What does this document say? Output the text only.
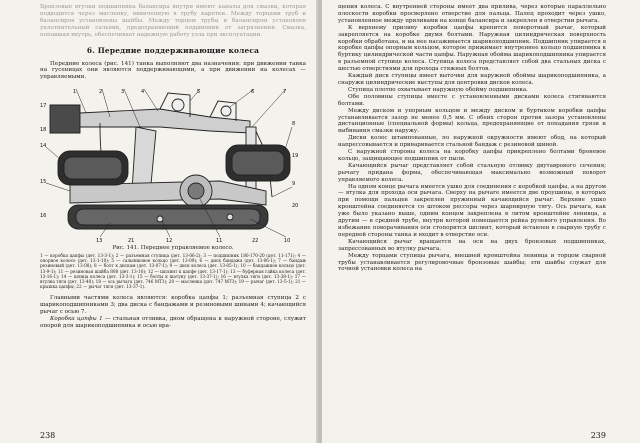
Бронзовые втулки подшипника балансира внутри имеют каналы для смазки, которая подводится через масленку, ввинченную в трубу каретки. Между торцами труб и балансиров установлены шайбы. Между торцом трубы и балансиром установлен уплотнительный сальник, предохраняющий подшипник от загрязнения. Смазка, попавшая внутрь, обеспечивает надежную работу узла при эксплуатации.

6. Передние поддерживающие колеса

Передние колеса (рис. 141) танка выполняют два назначения: при движении танка на гусеницах они являются поддерживающими, а при движении на колесах — управляемыми.

1	2	3	4	5	6	7
8
9
10
11
12
13
14
15
16
17
18
19
20
21	22
Рис. 141. Переднее управляемое колесо.

1 — коробка цапфы (дет. 13-3-1); 2 — разъемная ступица (дет. 13-06-2); 3 — подшипник 180-170-20 (дет. 11-171); 4 — опорное колесо (дет. 13-1-10); 5 — сальниковое кольцо (дет. 13-09); 6 — диск бандажа (дет. 13-06-1); 7 — бандаж резиновый (дет. 13-08); 8 — болт к дискам (дет. 13-07-1); 9 — диск колеса (дет. 13-05-1); 10 — бандажное кольцо (дет. 13-9-1); 11 — резиновая шайба 808 (дет. 13-10); 12 — шплинт к цапфе (дет. 13-17-1); 13 — буферная гайка колеса (дет. 13-16-1); 14 — шлица колеса (дет. 13-3-1); 15 — болты к шатуну (дет. 13-37-1); 16 — втулка тяги (дет. 13-38-1); 17 — втулка тяги (дет. 13-40); 18 — ось рычага (дет. 746 МТЗ); 20 — масленка (дет. 747 МТЗ); 19 — рычаг (дет. 13-5-1); 21 — крышка цапфы; 22 — рычаг тяги (дет. 13-37-1).

Главными частями колеса являются: коробка цапфы 1; разъемная ступица 2 с шарикоподшипниками 3; два диска с бандажами и резиновыми шинами 4; качающийся рычаг с осью 7.

Коробка цапфы 1 — стальная отливка, дном обращена к наружной стороне, служит опорой для шарикоподшипника и осью вра-

238

щения колеса. С внутренней стороны имеет два прилива, через которые параллельно плоскости коробки просверлено отверстие для пальца. Палец проходит через ушко, установленное между приливами на конце балансира и закреплен в отверстии рычага.

К верхнему приливу коробки цапфы крепится поворотный рычаг, который закрепляется на коробке двумя болтами. Наружная цилиндрическая поверхность коробки обработана, и на нее насаживается шарикоподшипник. Подшипник упирается в коробке цапфы опорным кольцом, которое прижимает внутреннее кольцо подшипника к буртику цилиндрической части цапфы. Наружная обойма шарикоподшипника упирается в разъемной ступице колеса. Ступица колеса представляет собой два стальных диска с шестью отверстиями для прохода стяжных болтов.

Каждый диск ступицы имеет выточки для наружной обоймы шарикоподшипника, а снаружи цилиндрические выступы для центровки дисков колеса.

Ступица плотно охватывает наружную обойму подшипника.

Обе половины ступицы вместе с установленными дисками колеса стягиваются болтами.

Между диском и упорным кольцом и между диском и буртиком коробки цапфы устанавливается зазор не менее 0,5 мм. С обеих сторон против зазора установлены дистанционные (специальной формы) кольца, предохраняющие от попадания грязи и выбивания смазки наружу.

Диски колес штампованные, по наружной окружности имеют обод, на который напрессовывается и приваривается стальной бандаж с резиновой шиной.

С наружной стороны колеса на коробку цапфы прикреплено болтами броневое кольцо, защищающее подшипник от пыли.

Качающийся рычаг представляет собой стальную отливку двутаврового сечения; рычагу придана форма, обеспечивающая максимально возможный поворот управляемого колеса.

На одном конце рычага имеется ушко для соединения с коробкой цапфы, а на другом — втулка для прохода оси рычага. Сверху на рычаге имеется две проушины, в которых при помощи пальцев закреплен пружинный качающийся рычаг. Верхние ушко кронштейна соединяется со штоком рессоры через шарнирную тягу. Ось рычага, как уже было указано выше, одним концом закреплена в литом кронштейне ленивца, а другим — в средней трубе, внутри которой помещается рейка рулевого управления. Во избежание поворачивания оси стопорится шплинт, который вставлен в сварную трубу с передней стороны танка и входит в отверстие оси.

Качающийся рычаг вращается на оси на двух бронзовых подшипниках, запрессованных во втулку рычага.

Между торцами ступицы рычага, внешней кронштейна ленивца и торцом сварной трубы устанавливается регулировочные бронзовые шайбы; эти шайбы служат для точной установки колеса на

239
